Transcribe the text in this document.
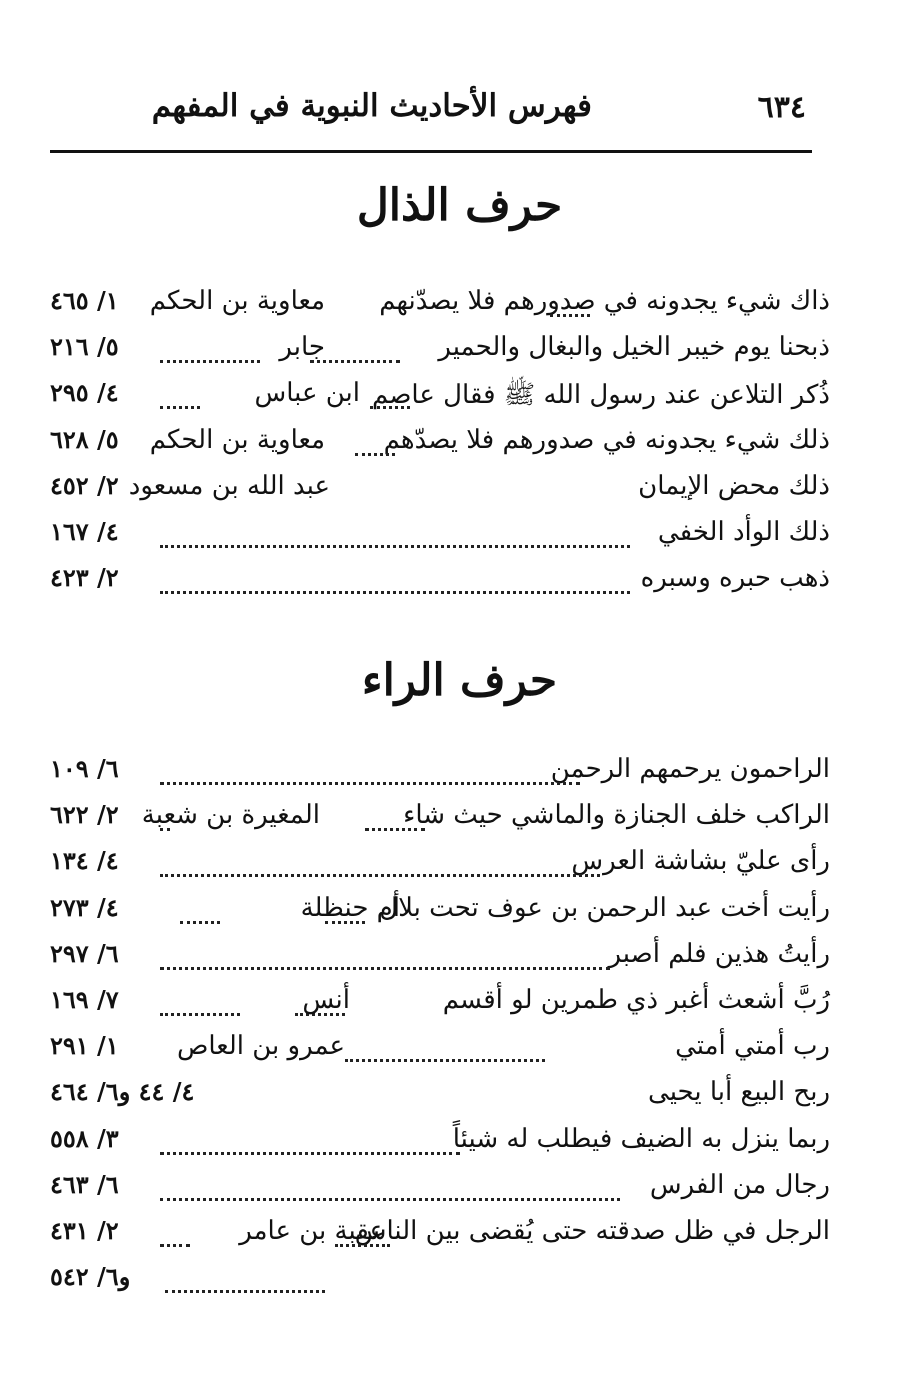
٦٣٤
فهرس الأحاديث النبوية في المفهم
حرف الذال
ذاك شيء يجدونه في صدورهم فلا يصدّنهم
معاوية بن الحكم
١/ ٤٦٥
ذبحنا يوم خيبر الخيل والبغال والحمير
جابر
٥/ ٢١٦
ذُكر التلاعن عند رسول الله ﷺ فقال عاصم
ابن عباس
٤/ ٢٩٥
ذلك شيء يجدونه في صدورهم فلا يصدّهم
معاوية بن الحكم
٥/ ٦٢٨
ذلك محض الإيمان
عبد الله بن مسعود
٢/ ٤٥٢
ذلك الوأد الخفي
٤/ ١٦٧
ذهب حبره وسبره
٢/ ٤٢٣
حرف الراء
الراحمون يرحمهم الرحمن
٦/ ١٠٩
الراكب خلف الجنازة والماشي حيث شاء
المغيرة بن شعبة
٢/ ٦٢٢
رأى عليّ بشاشة العرس
٤/ ١٣٤
رأيت أخت عبد الرحمن بن عوف تحت بلال
أم حنظلة
٤/ ٢٧٣
رأيتُ هذين فلم أصبر
٦/ ٢٩٧
رُبَّ أشعث أغبر ذي طمرين لو أقسم
أنس
٧/ ١٦٩
رب أمتي أمتي
عمرو بن العاص
١/ ٢٩١
ربح البيع أبا يحيى
٤/ ٤٤ و٦/ ٤٦٤
ربما ينزل به الضيف فيطلب له شيئاً
٣/ ٥٥٨
رجال من الفرس
٦/ ٤٦٣
الرجل في ظل صدقته حتى يُقضى بين الناس
عقبة بن عامر
٢/ ٤٣١
و٦/ ٥٤٢
